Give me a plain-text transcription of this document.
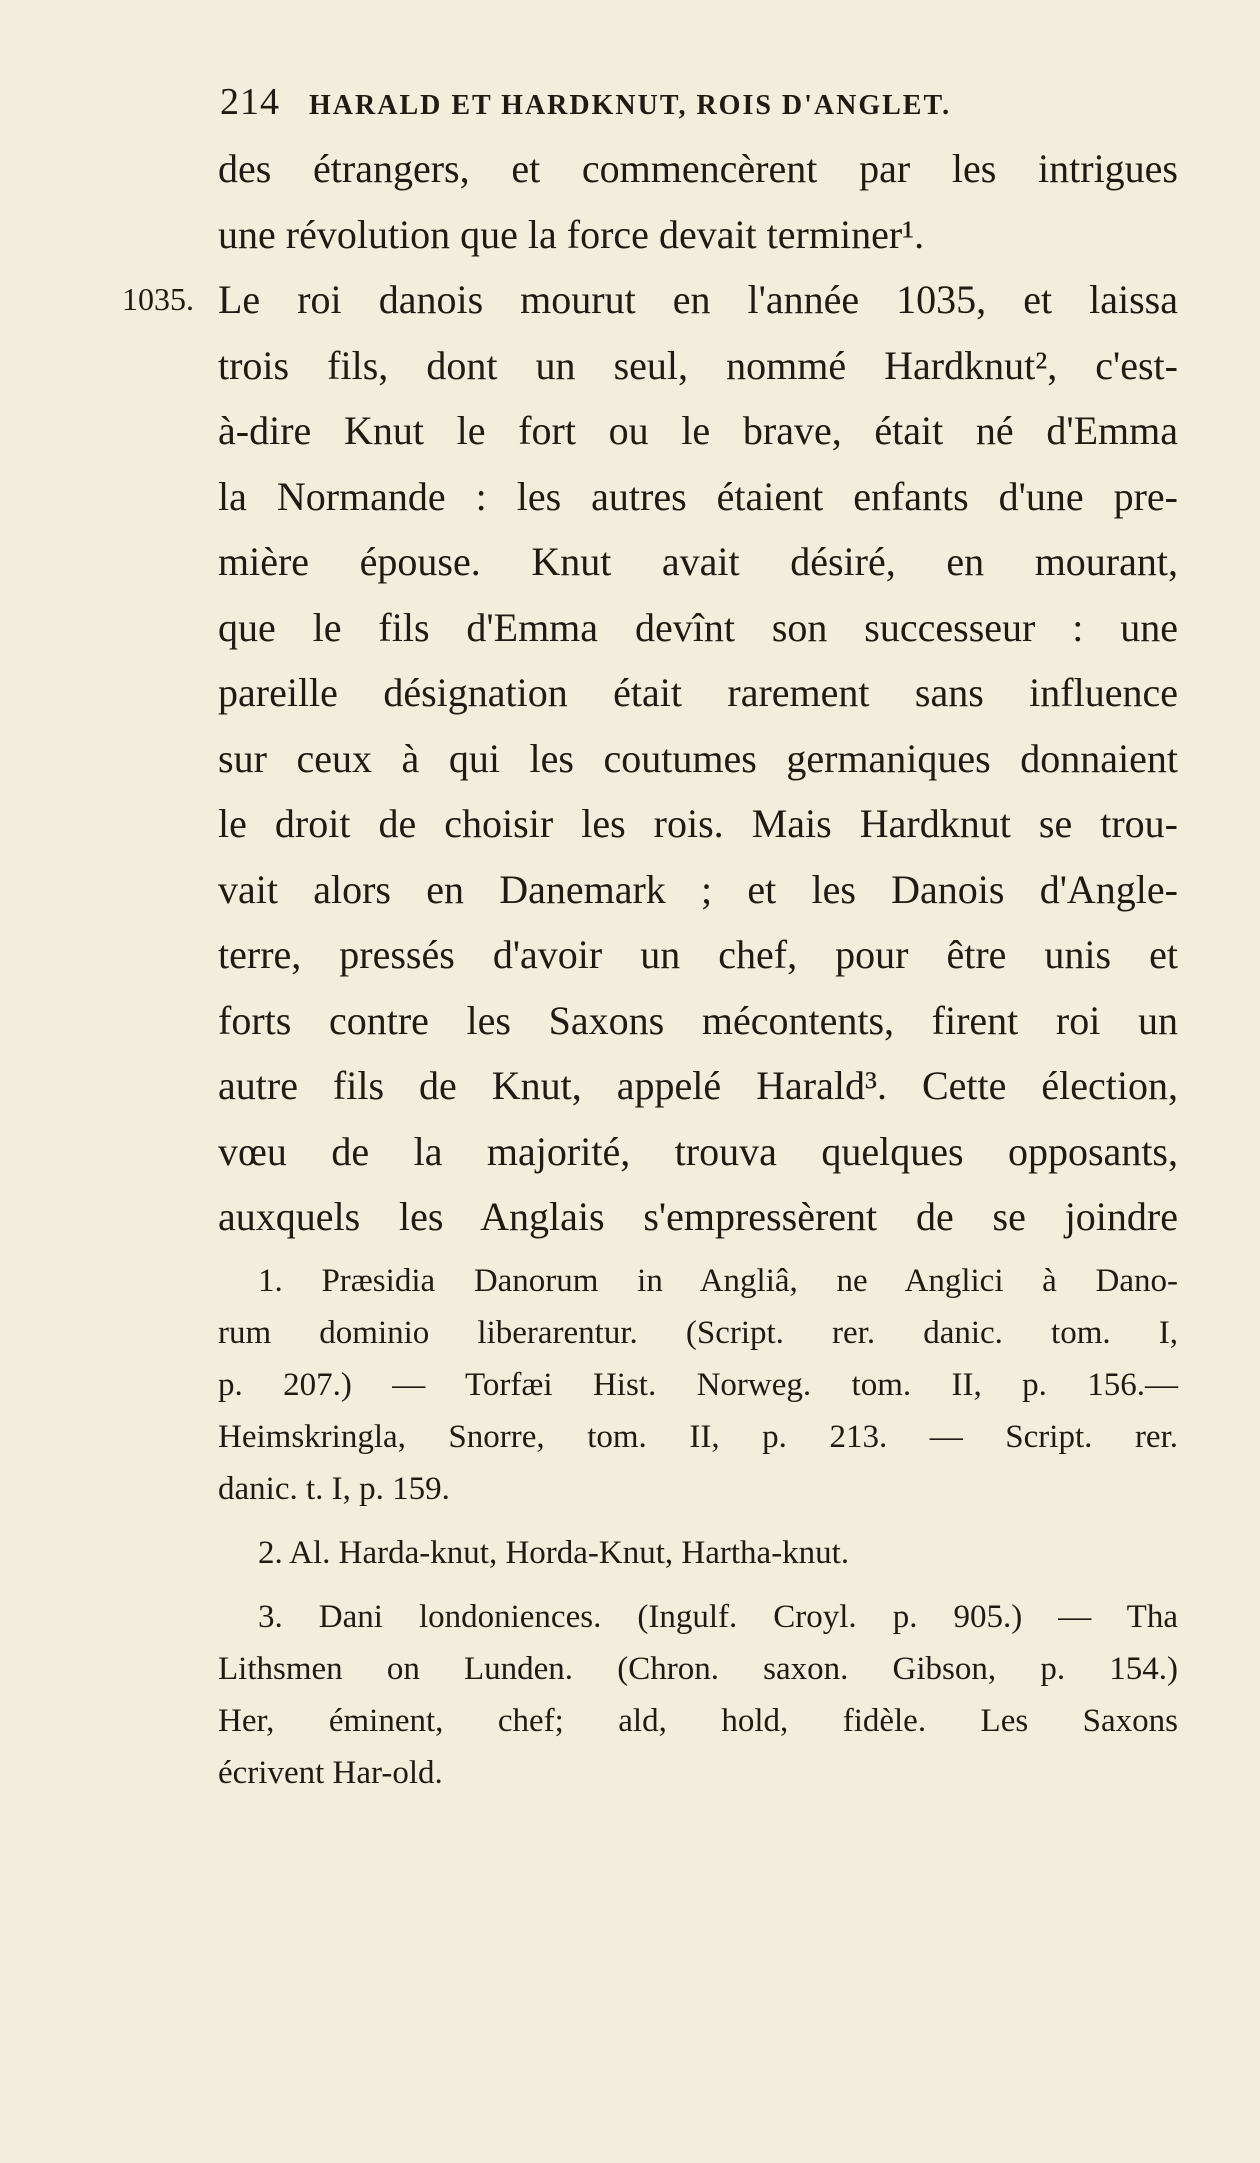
214 HARALD ET HARDKNUT, ROIS D'ANGLET.
des étrangers, et commencèrent par les intrigues
une révolution que la force devait terminer¹.
1035. Le roi danois mourut en l'année 1035, et laissa
trois fils, dont un seul, nommé Hardknut², c'est-
à-dire Knut le fort ou le brave, était né d'Emma
la Normande : les autres étaient enfants d'une pre-
mière épouse. Knut avait désiré, en mourant,
que le fils d'Emma devînt son successeur : une
pareille désignation était rarement sans influence
sur ceux à qui les coutumes germaniques donnaient
le droit de choisir les rois. Mais Hardknut se trou-
vait alors en Danemark ; et les Danois d'Angle-
terre, pressés d'avoir un chef, pour être unis et
forts contre les Saxons mécontents, firent roi un
autre fils de Knut, appelé Harald³. Cette élection,
vœu de la majorité, trouva quelques opposants,
auxquels les Anglais s'empressèrent de se joindre
1. Præsidia Danorum in Angliâ, ne Anglici à Dano-
rum dominio liberarentur. (Script. rer. danic. tom. I,
p. 207.) — Torfæi Hist. Norweg. tom. II, p. 156.—
Heimskringla, Snorre, tom. II, p. 213. — Script. rer.
danic. t. I, p. 159.
2. Al. Harda-knut, Horda-Knut, Hartha-knut.
3. Dani londoniences. (Ingulf. Croyl. p. 905.) — Tha
Lithsmen on Lunden. (Chron. saxon. Gibson, p. 154.)
Her, éminent, chef; ald, hold, fidèle. Les Saxons
écrivent Har-old.
